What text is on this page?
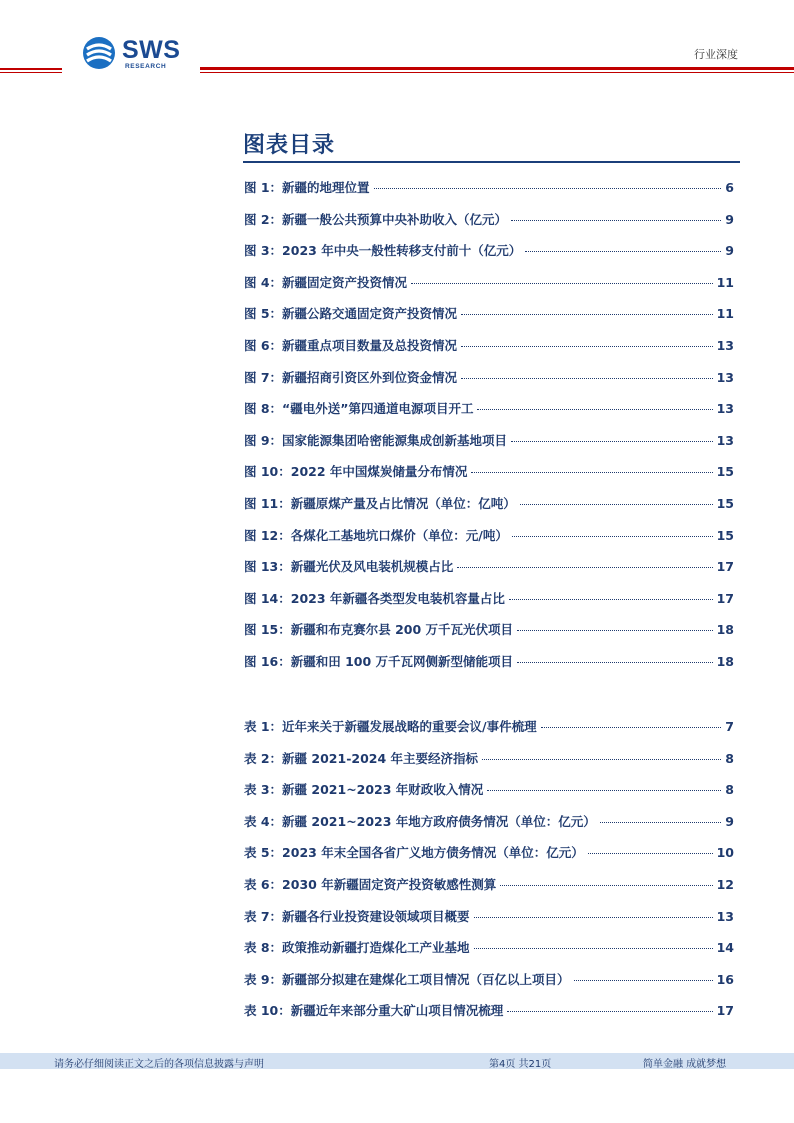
SWS
RESEARCH
行业深度
图表目录
图 1：新疆的地理位置	6
图 2：新疆一般公共预算中央补助收入（亿元）	9
图 3：2023 年中央一般性转移支付前十（亿元）	9
图 4：新疆固定资产投资情况	11
图 5：新疆公路交通固定资产投资情况	11
图 6：新疆重点项目数量及总投资情况	13
图 7：新疆招商引资区外到位资金情况	13
图 8：“疆电外送”第四通道电源项目开工	13
图 9：国家能源集团哈密能源集成创新基地项目	13
图 10：2022 年中国煤炭储量分布情况	15
图 11：新疆原煤产量及占比情况（单位：亿吨）	15
图 12：各煤化工基地坑口煤价（单位：元/吨）	15
图 13：新疆光伏及风电装机规模占比	17
图 14：2023 年新疆各类型发电装机容量占比	17
图 15：新疆和布克赛尔县 200 万千瓦光伏项目	18
图 16：新疆和田 100 万千瓦网侧新型储能项目	18
表 1：近年来关于新疆发展战略的重要会议/事件梳理	7
表 2：新疆 2021-2024 年主要经济指标	8
表 3：新疆 2021~2023 年财政收入情况	8
表 4：新疆 2021~2023 年地方政府债务情况（单位：亿元）	9
表 5：2023 年末全国各省广义地方债务情况（单位：亿元）	10
表 6：2030 年新疆固定资产投资敏感性测算	12
表 7：新疆各行业投资建设领域项目概要	13
表 8：政策推动新疆打造煤化工产业基地	14
表 9：新疆部分拟建在建煤化工项目情况（百亿以上项目）	16
表 10：新疆近年来部分重大矿山项目情况梳理	17
请务必仔细阅读正文之后的各项信息披露与声明	第4页 共21页	简单金融 成就梦想
